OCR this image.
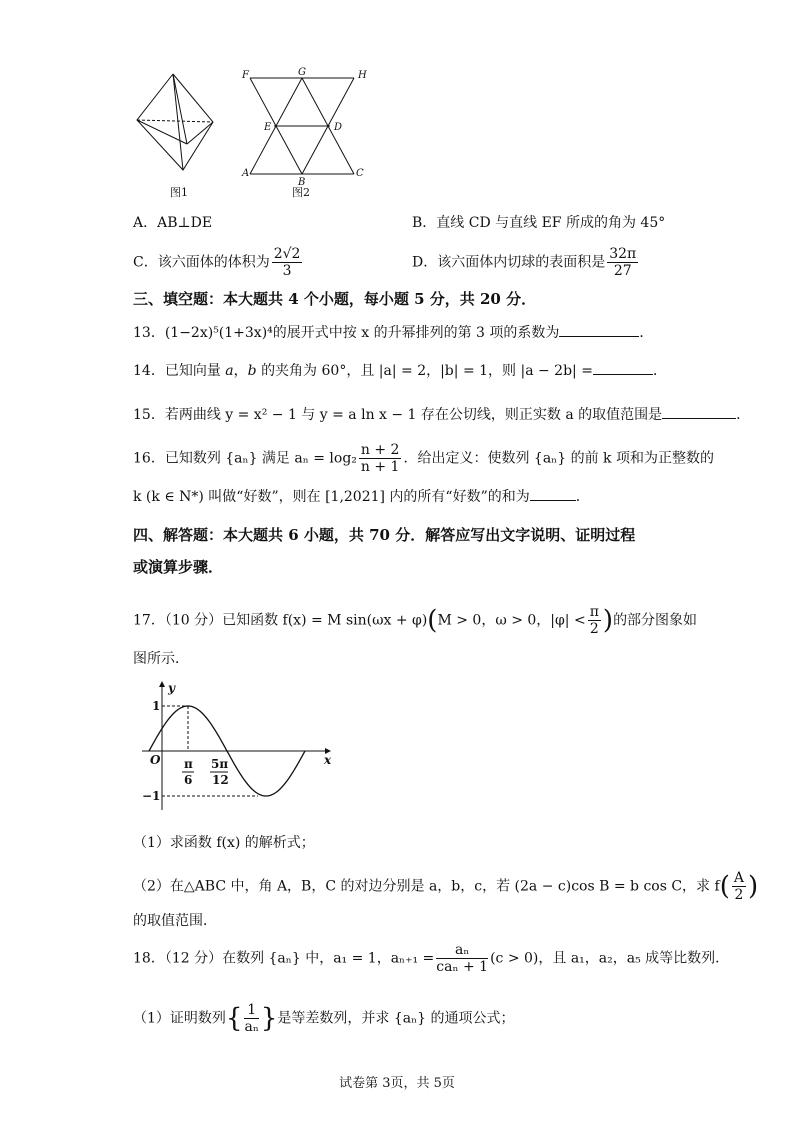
图1
F	G	H
E	D
A
B
C
图2
A．AB⊥DE	B．直线 CD 与直线 EF 所成的角为 45°
C．该六面体的体积为 $\frac{2√2}{3}$	D．该六面体内切球的表面积是 $\frac{32\pi}{27}$
三、填空题：本大题共 4 个小题，每小题 5 分，共 20 分．
13．(1−2x)⁵(1+3x)⁴的展开式中按 x 的升幂排列的第 3 项的系数为	．
14．已知向量 a，b 的夹角为 60°，且 |a| = 2，|b| = 1，则 |a − 2b| =	．
15．若两曲线 y = x² − 1 与 y = a ln x − 1 存在公切线，则正实数 a 的取值范围是	．
16．已知数列 {aₙ} 满足 $a_n = \log_2 \frac{n + 2}{n + 1}$ ．给出定义：使数列 {aₙ} 的前 k 项和为正整数的
k (k ∈ N*) 叫做“好数”，则在 [1,2021] 内的所有“好数”的和为	．
四、解答题：本大题共 6 小题，共 70 分．解答应写出文字说明、证明过程
或演算步骤．
17．（10 分）已知函数 f(x) = M sin(ωx + φ)(M > 0，ω > 0，$|\varphi| < \frac{\pi}{2}$ )的部分图象如
图所示．
y
x
O
1
−1
π
6
5π
12
（1）求函数 f(x) 的解析式；
（2）在△ABC 中，角 A，B，C 的对边分别是 a，b，c，若 (2a − c)cos B = b cos C，求 $f( \frac{A}{2}$ )
的取值范围．
18．（12 分）在数列 {aₙ} 中，a₁ = 1，$a_{n+1} = \frac{\text{aₙ}}{\text{caₙ + 1}} (c > 0)$，且 a₁，a₂，a₅ 成等比数列．
（1）证明数列{ $\frac{1}{\text{aₙ}}$ }是等差数列，并求 {aₙ} 的通项公式；
试卷第 3页，共 5页
